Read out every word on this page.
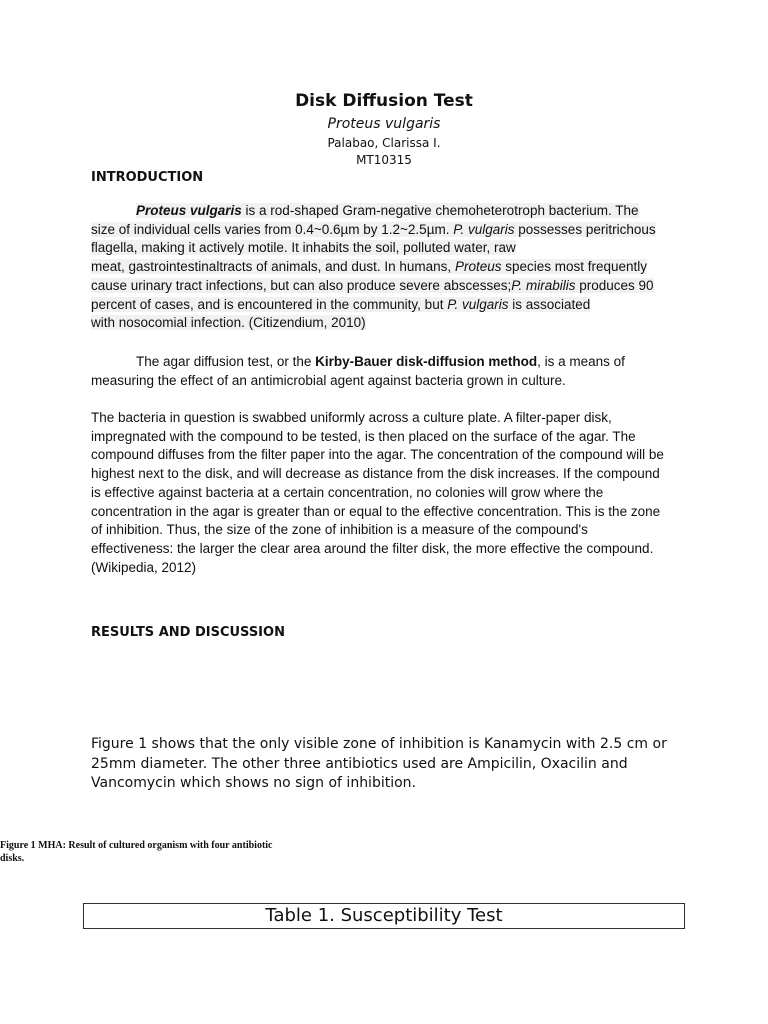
Disk Diffusion Test
Proteus vulgaris
Palabao, Clarissa I.
MT10315
INTRODUCTION
Proteus vulgaris is a rod-shaped Gram-negative chemoheterotroph bacterium. The
size of individual cells varies from 0.4~0.6µm by 1.2~2.5µm. P. vulgaris possesses peritrichous
flagella, making it actively motile. It inhabits the soil, polluted water, raw
meat, gastrointestinaltracts of animals, and dust. In humans, Proteus species most frequently
cause urinary tract infections, but can also produce severe abscesses;P. mirabilis produces 90
percent of cases, and is encountered in the community, but P. vulgaris is associated
with nosocomial infection. (Citizendium, 2010)
The agar diffusion test, or the Kirby-Bauer disk-diffusion method, is a means of
measuring the effect of an antimicrobial agent against bacteria grown in culture.
The bacteria in question is swabbed uniformly across a culture plate. A filter-paper disk,
impregnated with the compound to be tested, is then placed on the surface of the agar. The
compound diffuses from the filter paper into the agar. The concentration of the compound will be
highest next to the disk, and will decrease as distance from the disk increases. If the compound
is effective against bacteria at a certain concentration, no colonies will grow where the
concentration in the agar is greater than or equal to the effective concentration. This is the zone
of inhibition. Thus, the size of the zone of inhibition is a measure of the compound's
effectiveness: the larger the clear area around the filter disk, the more effective the compound.
(Wikipedia, 2012)
RESULTS AND DISCUSSION
Figure 1 shows that the only visible zone of inhibition is Kanamycin with 2.5 cm or
25mm diameter. The other three antibiotics used are Ampicilin, Oxacilin and
Vancomycin which shows no sign of inhibition.
Figure 1 MHA: Result of cultured organism with four antibiotic
disks.
Table 1. Susceptibility Test
